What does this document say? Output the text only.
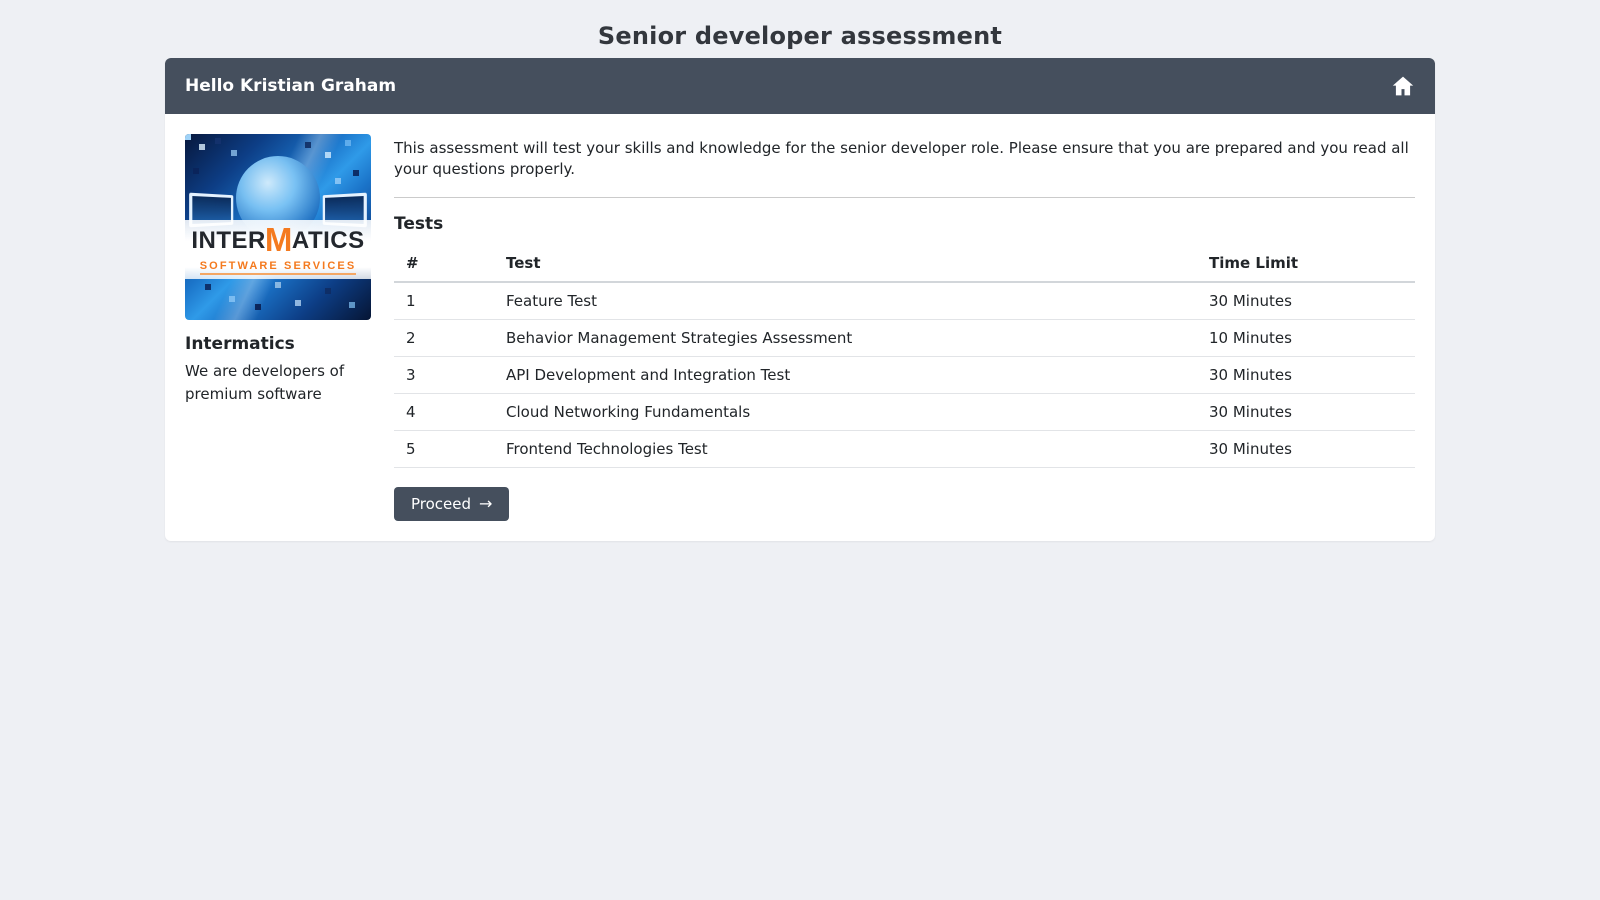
Senior developer assessment
Hello Kristian Graham
INTERMATICS
SOFTWARE SERVICES
Intermatics

We are developers of premium software

This assessment will test your skills and knowledge for the senior developer role. Please ensure that you are prepared and you read all your questions properly.

Tests
#	Test	Time Limit
1	Feature Test	30 Minutes
2	Behavior Management Strategies Assessment	10 Minutes
3	API Development and Integration Test	30 Minutes
4	Cloud Networking Fundamentals	30 Minutes
5	Frontend Technologies Test	30 Minutes
Proceed →
